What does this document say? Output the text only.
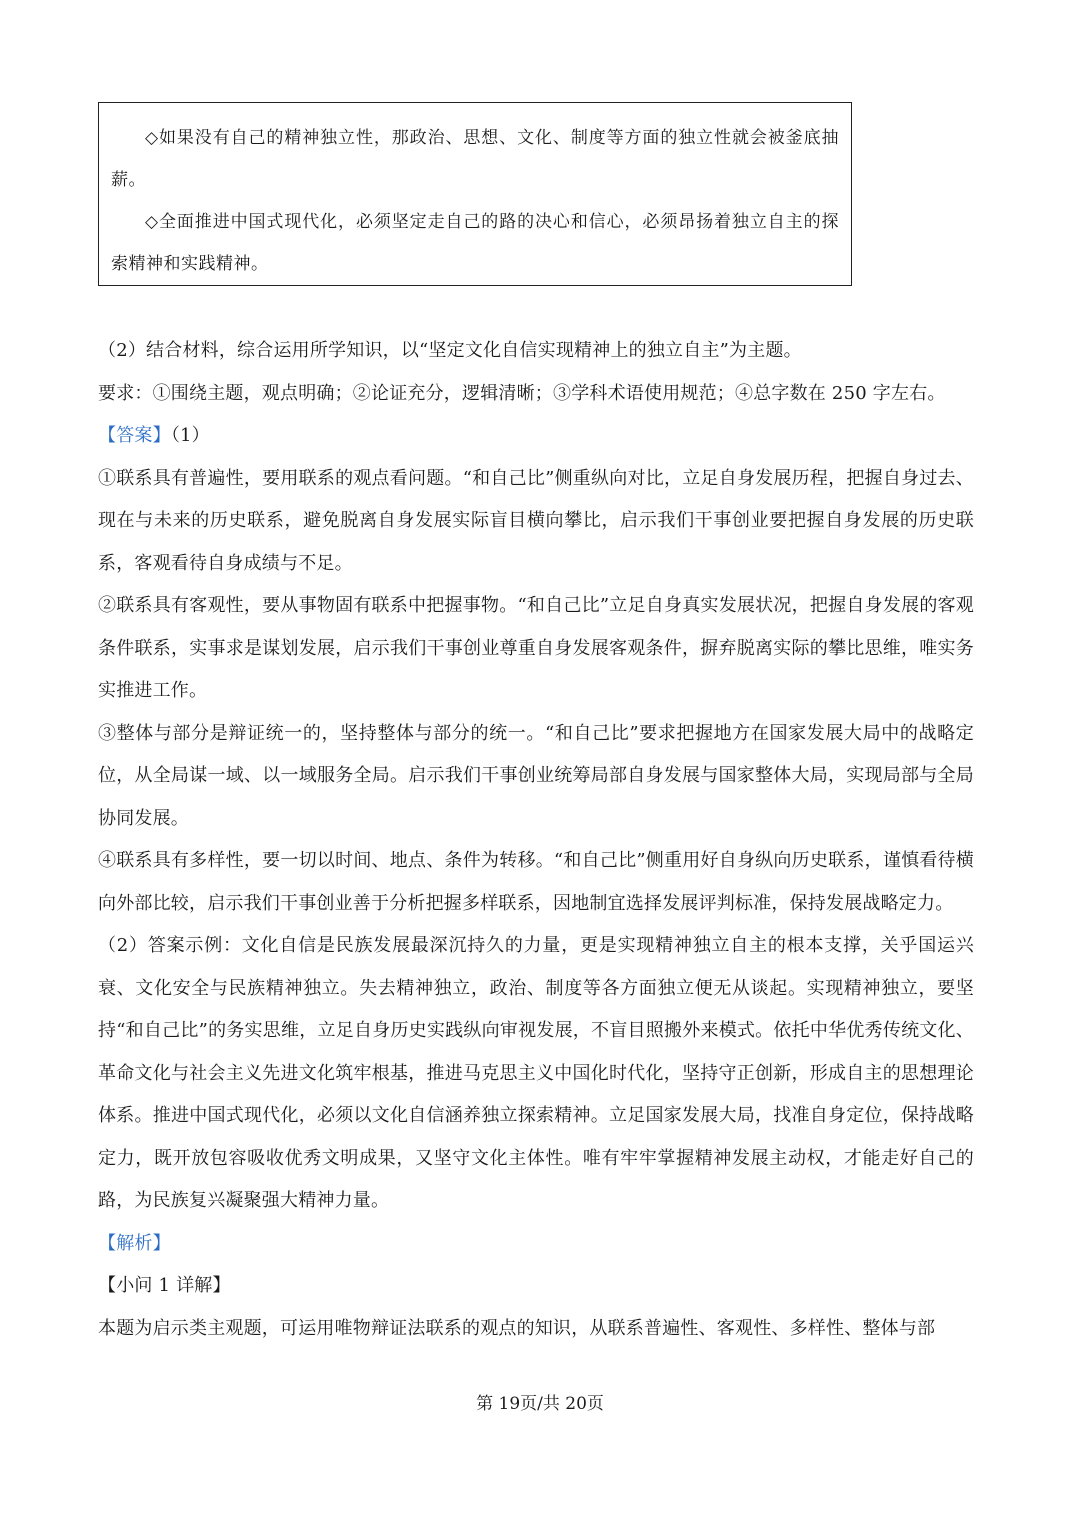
◇如果没有自己的精神独立性，那政治、思想、文化、制度等方面的独立性就会被釜底抽薪。

◇全面推进中国式现代化，必须坚定走自己的路的决心和信心，必须昂扬着独立自主的探索精神和实践精神。

（2）结合材料，综合运用所学知识，以“坚定文化自信实现精神上的独立自主”为主题。

要求：①围绕主题，观点明确；②论证充分，逻辑清晰；③学科术语使用规范；④总字数在 250 字左右。

【答案】（1）

①联系具有普遍性，要用联系的观点看问题。“和自己比”侧重纵向对比，立足自身发展历程，把握自身过去、现在与未来的历史联系，避免脱离自身发展实际盲目横向攀比，启示我们干事创业要把握自身发展的历史联系，客观看待自身成绩与不足。

②联系具有客观性，要从事物固有联系中把握事物。“和自己比”立足自身真实发展状况，把握自身发展的客观条件联系，实事求是谋划发展，启示我们干事创业尊重自身发展客观条件，摒弃脱离实际的攀比思维，唯实务实推进工作。

③整体与部分是辩证统一的，坚持整体与部分的统一。“和自己比”要求把握地方在国家发展大局中的战略定位，从全局谋一域、以一域服务全局。启示我们干事创业统筹局部自身发展与国家整体大局，实现局部与全局协同发展。

④联系具有多样性，要一切以时间、地点、条件为转移。“和自己比”侧重用好自身纵向历史联系，谨慎看待横向外部比较，启示我们干事创业善于分析把握多样联系，因地制宜选择发展评判标准，保持发展战略定力。

（2）答案示例：文化自信是民族发展最深沉持久的力量，更是实现精神独立自主的根本支撑，关乎国运兴衰、文化安全与民族精神独立。失去精神独立，政治、制度等各方面独立便无从谈起。实现精神独立，要坚持“和自己比”的务实思维，立足自身历史实践纵向审视发展，不盲目照搬外来模式。依托中华优秀传统文化、革命文化与社会主义先进文化筑牢根基，推进马克思主义中国化时代化，坚持守正创新，形成自主的思想理论体系。推进中国式现代化，必须以文化自信涵养独立探索精神。立足国家发展大局，找准自身定位，保持战略定力，既开放包容吸收优秀文明成果，又坚守文化主体性。唯有牢牢掌握精神发展主动权，才能走好自己的路，为民族复兴凝聚强大精神力量。

【解析】

【小问 1 详解】

本题为启示类主观题，可运用唯物辩证法联系的观点的知识，从联系普遍性、客观性、多样性、整体与部

第 19页/共 20页
